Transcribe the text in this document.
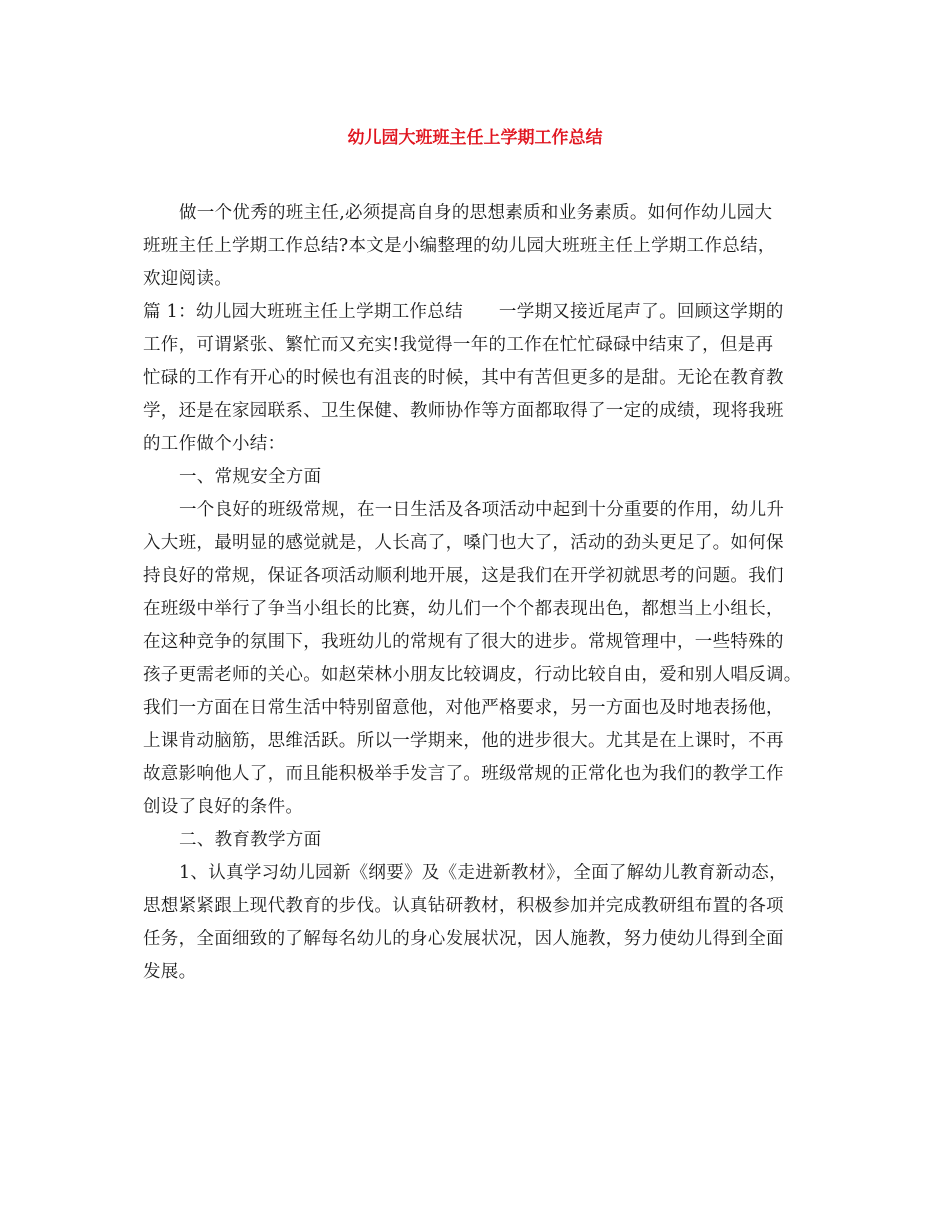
幼儿园大班班主任上学期工作总结
做一个优秀的班主任,必须提高自身的思想素质和业务素质。如何作幼儿园大
班班主任上学期工作总结?本文是小编整理的幼儿园大班班主任上学期工作总结，
欢迎阅读。
篇 1：幼儿园大班班主任上学期工作总结 一学期又接近尾声了。回顾这学期的
工作，可谓紧张、繁忙而又充实!我觉得一年的工作在忙忙碌碌中结束了，但是再
忙碌的工作有开心的时候也有沮丧的时候，其中有苦但更多的是甜。无论在教育教
学，还是在家园联系、卫生保健、教师协作等方面都取得了一定的成绩，现将我班
的工作做个小结：
一、常规安全方面
一个良好的班级常规，在一日生活及各项活动中起到十分重要的作用，幼儿升
入大班，最明显的感觉就是，人长高了，嗓门也大了，活动的劲头更足了。如何保
持良好的常规，保证各项活动顺利地开展，这是我们在开学初就思考的问题。我们
在班级中举行了争当小组长的比赛，幼儿们一个个都表现出色，都想当上小组长，
在这种竞争的氛围下，我班幼儿的常规有了很大的进步。常规管理中，一些特殊的
孩子更需老师的关心。如赵荣林小朋友比较调皮，行动比较自由，爱和别人唱反调。
我们一方面在日常生活中特别留意他，对他严格要求，另一方面也及时地表扬他，
上课肯动脑筋，思维活跃。所以一学期来，他的进步很大。尤其是在上课时，不再
故意影响他人了，而且能积极举手发言了。班级常规的正常化也为我们的教学工作
创设了良好的条件。
二、教育教学方面
1、认真学习幼儿园新《纲要》及《走进新教材》，全面了解幼儿教育新动态，
思想紧紧跟上现代教育的步伐。认真钻研教材，积极参加并完成教研组布置的各项
任务，全面细致的了解每名幼儿的身心发展状况，因人施教，努力使幼儿得到全面
发展。
